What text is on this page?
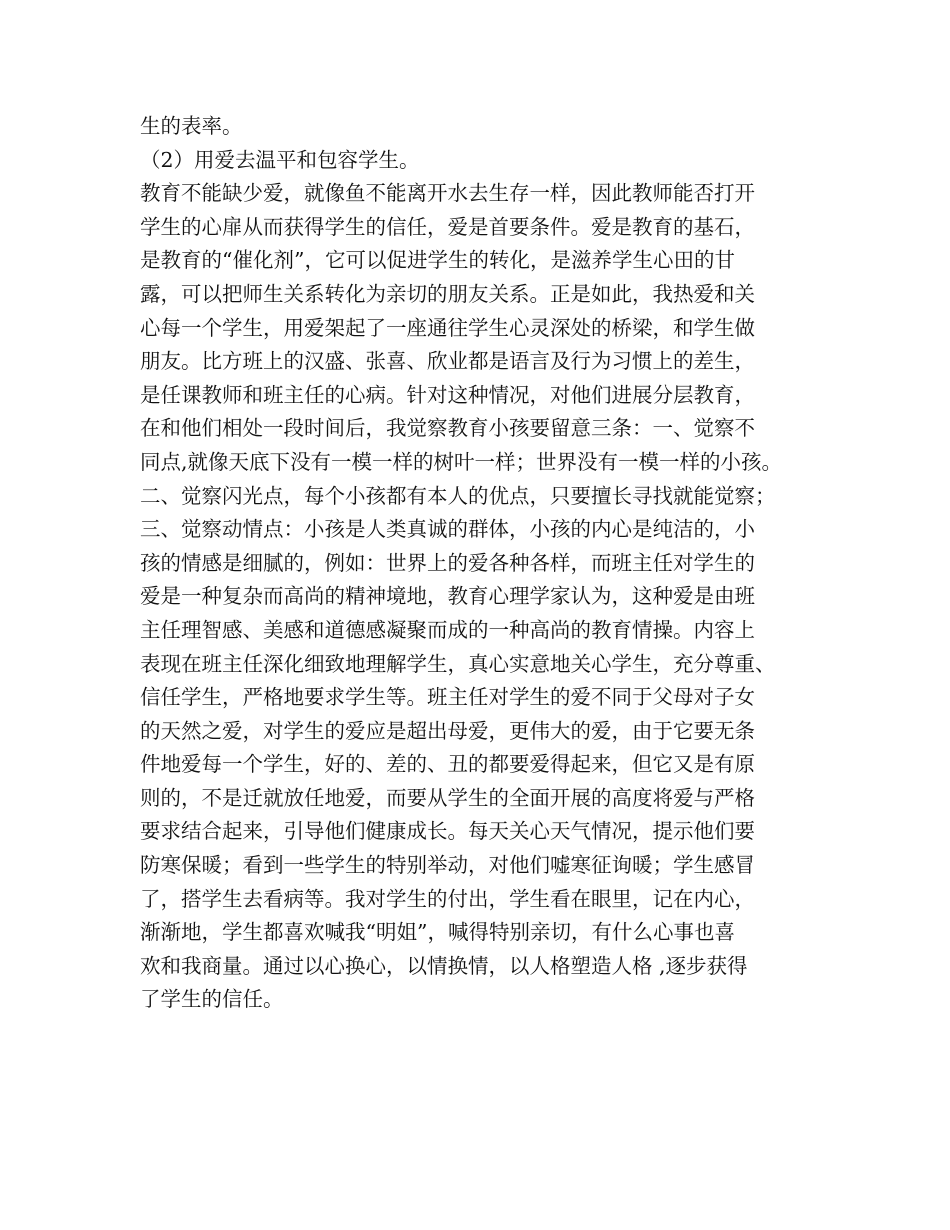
生的表率。
（2）用爱去温平和包容学生。
教育不能缺少爱，就像鱼不能离开水去生存一样，因此教师能否打开
学生的心扉从而获得学生的信任，爱是首要条件。爱是教育的基石，
是教育的“催化剂”，它可以促进学生的转化，是滋养学生心田的甘
露，可以把师生关系转化为亲切的朋友关系。正是如此，我热爱和关
心每一个学生，用爱架起了一座通往学生心灵深处的桥梁，和学生做
朋友。比方班上的汉盛、张喜、欣业都是语言及行为习惯上的差生，
是任课教师和班主任的心病。针对这种情况，对他们进展分层教育，
在和他们相处一段时间后，我觉察教育小孩要留意三条：一、觉察不
同点,就像天底下没有一模一样的树叶一样；世界没有一模一样的小孩。
二、觉察闪光点，每个小孩都有本人的优点，只要擅长寻找就能觉察；
三、觉察动情点：小孩是人类真诚的群体，小孩的内心是纯洁的，小
孩的情感是细腻的，例如：世界上的爱各种各样，而班主任对学生的
爱是一种复杂而高尚的精神境地，教育心理学家认为，这种爱是由班
主任理智感、美感和道德感凝聚而成的一种高尚的教育情操。内容上
表现在班主任深化细致地理解学生，真心实意地关心学生，充分尊重、
信任学生，严格地要求学生等。班主任对学生的爱不同于父母对子女
的天然之爱，对学生的爱应是超出母爱，更伟大的爱，由于它要无条
件地爱每一个学生，好的、差的、丑的都要爱得起来，但它又是有原
则的，不是迁就放任地爱，而要从学生的全面开展的高度将爱与严格
要求结合起来，引导他们健康成长。每天关心天气情况，提示他们要
防寒保暖；看到一些学生的特别举动，对他们嘘寒征询暖；学生感冒
了，搭学生去看病等。我对学生的付出，学生看在眼里，记在内心，
渐渐地，学生都喜欢喊我“明姐”，喊得特别亲切，有什么心事也喜
欢和我商量。通过以心换心，以情换情，以人格塑造人格 ,逐步获得
了学生的信任。
